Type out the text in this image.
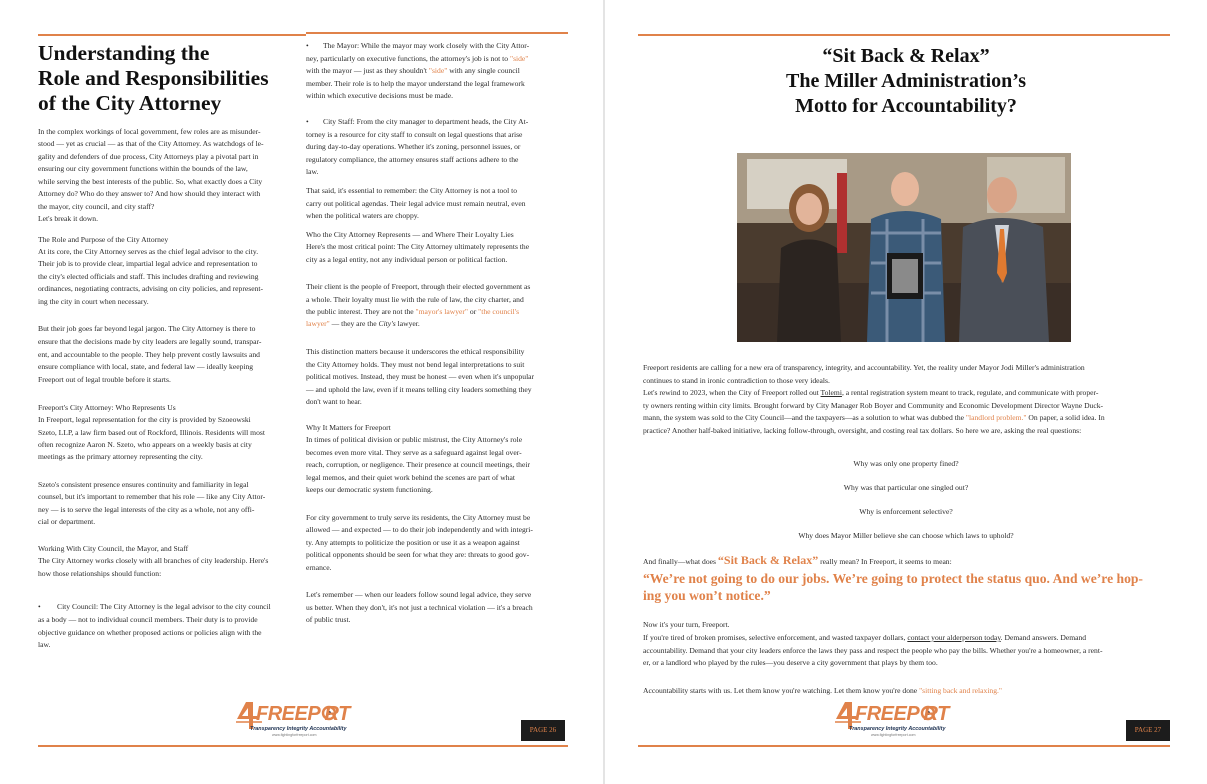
Understanding the
Role and Responsibilities
of the City Attorney
In the complex workings of local government, few roles are as misunder-
stood — yet as crucial — as that of the City Attorney. As watchdogs of le-
gality and defenders of due process, City Attorneys play a pivotal part in
ensuring our city government functions within the bounds of the law,
while serving the best interests of the public. So, what exactly does a City
Attorney do? Who do they answer to? And how should they interact with
the mayor, city council, and city staff?
Let's break it down.
The Role and Purpose of the City Attorney
At its core, the City Attorney serves as the chief legal advisor to the city.
Their job is to provide clear, impartial legal advice and representation to
the city's elected officials and staff. This includes drafting and reviewing
ordinances, negotiating contracts, advising on city policies, and represent-
ing the city in court when necessary.
But their job goes far beyond legal jargon. The City Attorney is there to
ensure that the decisions made by city leaders are legally sound, transpar-
ent, and accountable to the people. They help prevent costly lawsuits and
ensure compliance with local, state, and federal law — ideally keeping
Freeport out of legal trouble before it starts.
Freeport's City Attorney: Who Represents Us
In Freeport, legal representation for the city is provided by Szoeowski
Szeto, LLP, a law firm based out of Rockford, Illinois. Residents will most
often recognize Aaron N. Szeto, who appears on a weekly basis at city
meetings as the primary attorney representing the city.
Szeto's consistent presence ensures continuity and familiarity in legal
counsel, but it's important to remember that his role — like any City Attor-
ney — is to serve the legal interests of the city as a whole, not any offi-
cial or department.
Working With City Council, the Mayor, and Staff
The City Attorney works closely with all branches of city leadership. Here's
how those relationships should function:
• City Council: The City Attorney is the legal advisor to the city council
as a body — not to individual council members. Their duty is to provide
objective guidance on whether proposed actions or policies align with the
law.
• The Mayor: While the mayor may work closely with the City Attor-
ney, particularly on executive functions, the attorney's job is not to "side"
with the mayor — just as they shouldn't "side" with any single council
member. Their role is to help the mayor understand the legal framework
within which executive decisions must be made.
• City Staff: From the city manager to department heads, the City At-
torney is a resource for city staff to consult on legal questions that arise
during day-to-day operations. Whether it's zoning, personnel issues, or
regulatory compliance, the attorney ensures staff actions adhere to the
law.
That said, it's essential to remember: the City Attorney is not a tool to
carry out political agendas. Their legal advice must remain neutral, even
when the political waters are choppy.
Who the City Attorney Represents — and Where Their Loyalty Lies
Here's the most critical point: The City Attorney ultimately represents the
city as a legal entity, not any individual person or political faction.
Their client is the people of Freeport, through their elected government as
a whole. Their loyalty must lie with the rule of law, the city charter, and
the public interest. They are not the "mayor's lawyer" or "the council's
lawyer" — they are the City's lawyer.
This distinction matters because it underscores the ethical responsibility
the City Attorney holds. They must not bend legal interpretations to suit
political motives. Instead, they must be honest — even when it's unpopular
— and uphold the law, even if it means telling city leaders something they
don't want to hear.
Why It Matters for Freeport
In times of political division or public mistrust, the City Attorney's role
becomes even more vital. They serve as a safeguard against legal over-
reach, corruption, or negligence. Their presence at council meetings, their
legal memos, and their quiet work behind the scenes are part of what
keeps our democratic system functioning.
For city government to truly serve its residents, the City Attorney must be
allowed — and expected — to do their job independently and with integri-
ty. Any attempts to politicize the position or use it as a weapon against
political opponents should be seen for what they are: threats to good gov-
ernance.
Let's remember — when our leaders follow sound legal advice, they serve
us better. When they don't, it's not just a technical violation — it's a breach
of public trust.
FREEP RT
Transparency Integrity Accountability
www.fightingforfreeport.com
PAGE 26
“Sit Back & Relax”
The Miller Administration’s
Motto for Accountability?
Freeport residents are calling for a new era of transparency, integrity, and accountability. Yet, the reality under Mayor Jodi Miller's administration
continues to stand in ironic contradiction to those very ideals.
Let's rewind to 2023, when the City of Freeport rolled out Tolemi, a rental registration system meant to track, regulate, and communicate with proper-
ty owners renting within city limits. Brought forward by City Manager Rob Boyer and Community and Economic Development Director Wayne Duck-
mann, the system was sold to the City Council—and the taxpayers—as a solution to what was dubbed the "landlord problem." On paper, a solid idea. In
practice? Another half-baked initiative, lacking follow-through, oversight, and costing real tax dollars. So here we are, asking the real questions:
Why was only one property fined?
Why was that particular one singled out?
Why is enforcement selective?
Why does Mayor Miller believe she can choose which laws to uphold?
And finally—what does “Sit Back & Relax” really mean? In Freeport, it seems to mean:
“We’re not going to do our jobs. We’re going to protect the status quo. And we’re hop-
ing you won’t notice.”
Now it's your turn, Freeport.
If you're tired of broken promises, selective enforcement, and wasted taxpayer dollars, contact your alderperson today. Demand answers. Demand
accountability. Demand that your city leaders enforce the laws they pass and respect the people who pay the bills. Whether you're a homeowner, a rent-
er, or a landlord who played by the rules—you deserve a city government that plays by them too.
Accountability starts with us. Let them know you're watching. Let them know you're done "sitting back and relaxing."
FREEP RT
Transparency Integrity Accountability
www.fightingforfreeport.com
PAGE 27
